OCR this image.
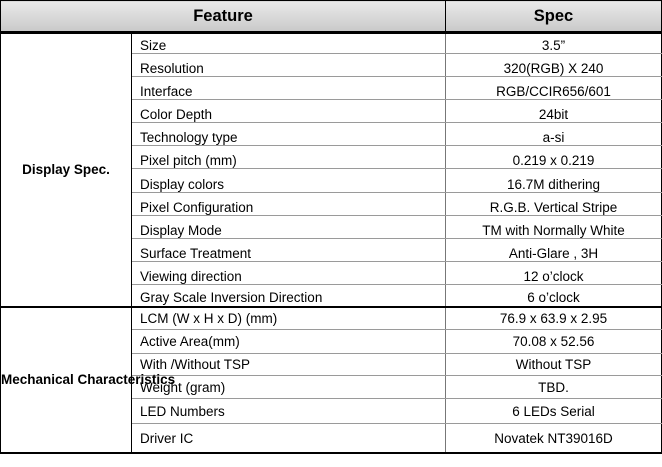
Feature		Spec
Display Spec.	Size	3.5”
	Resolution	320(RGB) X 240
	Interface	RGB/CCIR656/601
	Color Depth	24bit
	Technology type	a-si
	Pixel pitch (mm)	0.219 x 0.219
	Display colors	16.7M dithering
	Pixel Configuration	R.G.B. Vertical Stripe
	Display Mode	TM with Normally White
	Surface Treatment	Anti-Glare , 3H
	Viewing direction	12 o’clock
	Gray Scale Inversion Direction	6 o’clock
Mechanical Characteristics	LCM (W x H x D) (mm)	76.9 x 63.9 x 2.95
	Active Area(mm)	70.08 x 52.56
	With /Without TSP	Without TSP
	Weight (gram)	TBD.
	LED Numbers	6 LEDs Serial
	Driver IC	Novatek NT39016D
